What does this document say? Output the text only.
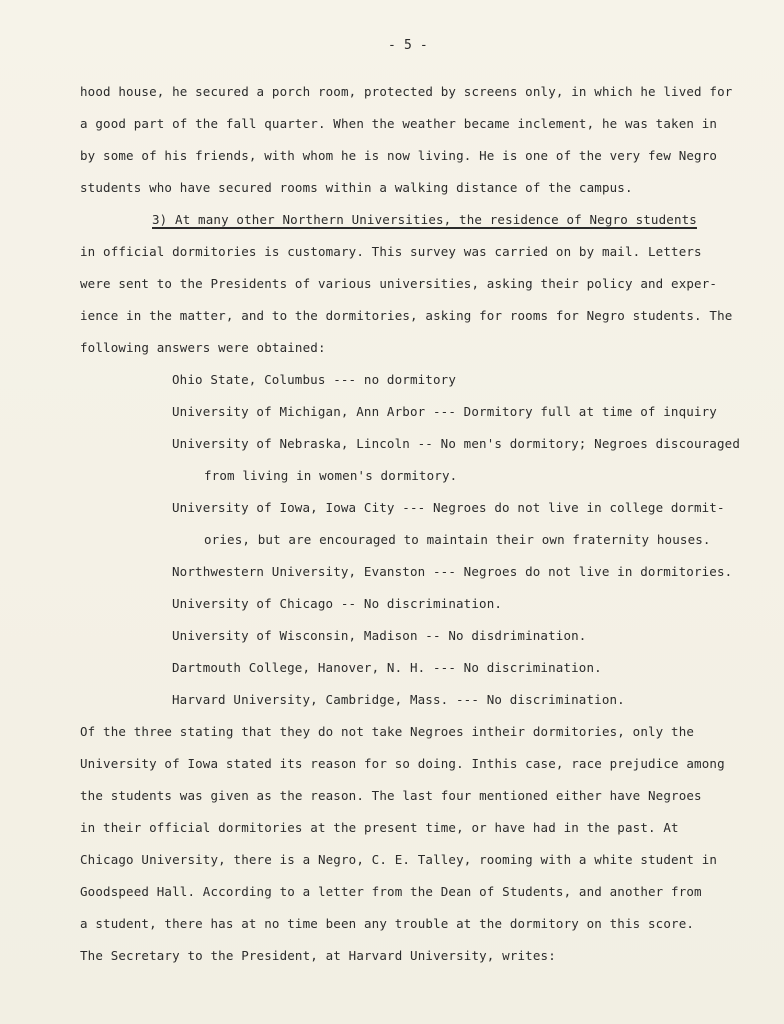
- 5 -
hood house, he secured a porch room, protected by screens only, in which he lived for
a good part of the fall quarter. When the weather became inclement, he was taken in
by some of his friends, with whom he is now living. He is one of the very few Negro
students who have secured rooms within a walking distance of the campus.
3) At many other Northern Universities, the residence of Negro students
in official dormitories is customary. This survey was carried on by mail. Letters
were sent to the Presidents of various universities, asking their policy and exper-
ience in the matter, and to the dormitories, asking for rooms for Negro students. The
following answers were obtained:
Ohio State, Columbus --- no dormitory
University of Michigan, Ann Arbor --- Dormitory full at time of inquiry
University of Nebraska, Lincoln -- No men's dormitory; Negroes discouraged
from living in women's dormitory.
University of Iowa, Iowa City --- Negroes do not live in college dormit-
ories, but are encouraged to maintain their own fraternity houses.
Northwestern University, Evanston --- Negroes do not live in dormitories.
University of Chicago -- No discrimination.
University of Wisconsin, Madison -- No disdrimination.
Dartmouth College, Hanover, N. H. --- No discrimination.
Harvard University, Cambridge, Mass. --- No discrimination.
Of the three stating that they do not take Negroes intheir dormitories, only the
University of Iowa stated its reason for so doing. Inthis case, race prejudice among
the students was given as the reason. The last four mentioned either have Negroes
in their official dormitories at the present time, or have had in the past. At
Chicago University, there is a Negro, C. E. Talley, rooming with a white student in
Goodspeed Hall. According to a letter from the Dean of Students, and another from
a student, there has at no time been any trouble at the dormitory on this score.
The Secretary to the President, at Harvard University, writes:
